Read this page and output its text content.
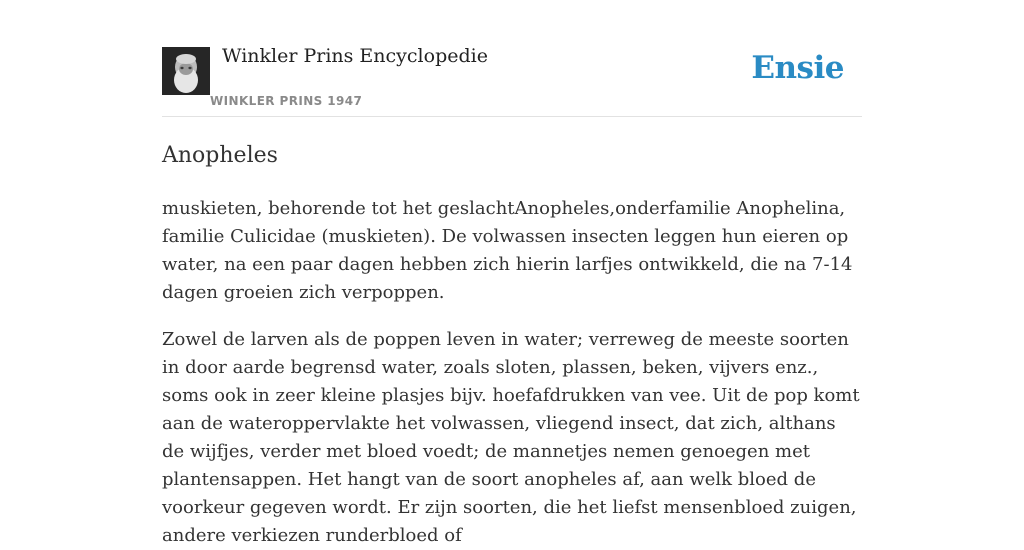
Winkler Prins Encyclopedie
WINKLER PRINS 1947
Ensie
Anopheles

muskieten, behorende tot het geslachtAnopheles,onderfamilie Anophelina, familie Culicidae (muskieten). De volwassen insecten leggen hun eieren op water, na een paar dagen hebben zich hierin larfjes ontwikkeld, die na 7-14 dagen groeien zich verpoppen.

Zowel de larven als de poppen leven in water; verreweg de meeste soorten in door aarde begrensd water, zoals sloten, plassen, beken, vijvers enz., soms ook in zeer kleine plasjes bijv. hoefafdrukken van vee. Uit de pop komt aan de wateroppervlakte het volwassen, vliegend insect, dat zich, althans de wijfjes, verder met bloed voedt; de mannetjes nemen genoegen met plantensappen. Het hangt van de soort anopheles af, aan welk bloed de voorkeur gegeven wordt. Er zijn soorten, die het liefst mensenbloed zuigen, andere verkiezen runderbloed of
